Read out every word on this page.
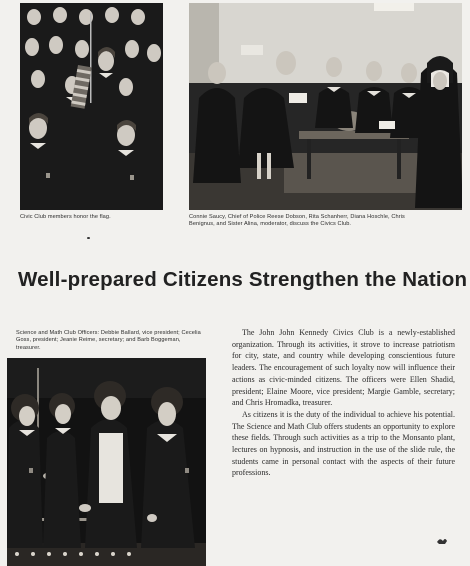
Civic Club members honor the flag.	Connie Saucy, Chief of Police Reese Dobson, Rita Schanherr, Diana Hoschle, Chris Benignus, and Sister Alina, moderator, discuss the Civics Club.
Well-prepared Citizens Strengthen the Nation
Science and Math Club Officers: Debbie Ballard, vice president; Cecelia Goss, president; Jeanie Reime, secretary; and Barb Boggeman, treasurer.

The John John Kennedy Civics Club is a newly-established organization. Through its activities, it strove to increase patriotism for city, state, and country while developing conscientious future leaders. The encouragement of such loyalty now will influence their actions as civic-minded citizens. The officers were Ellen Shadid, president; Elaine Moore, vice president; Margie Gamble, secretary; and Chris Hromadka, treasurer.

As citizens it is the duty of the individual to achieve his potential. The Science and Math Club offers students an opportunity to explore these fields. Through such activities as a trip to the Monsanto plant, lectures on hypnosis, and instruction in the use of the slide rule, the students came in personal contact with the aspects of their future professions.
